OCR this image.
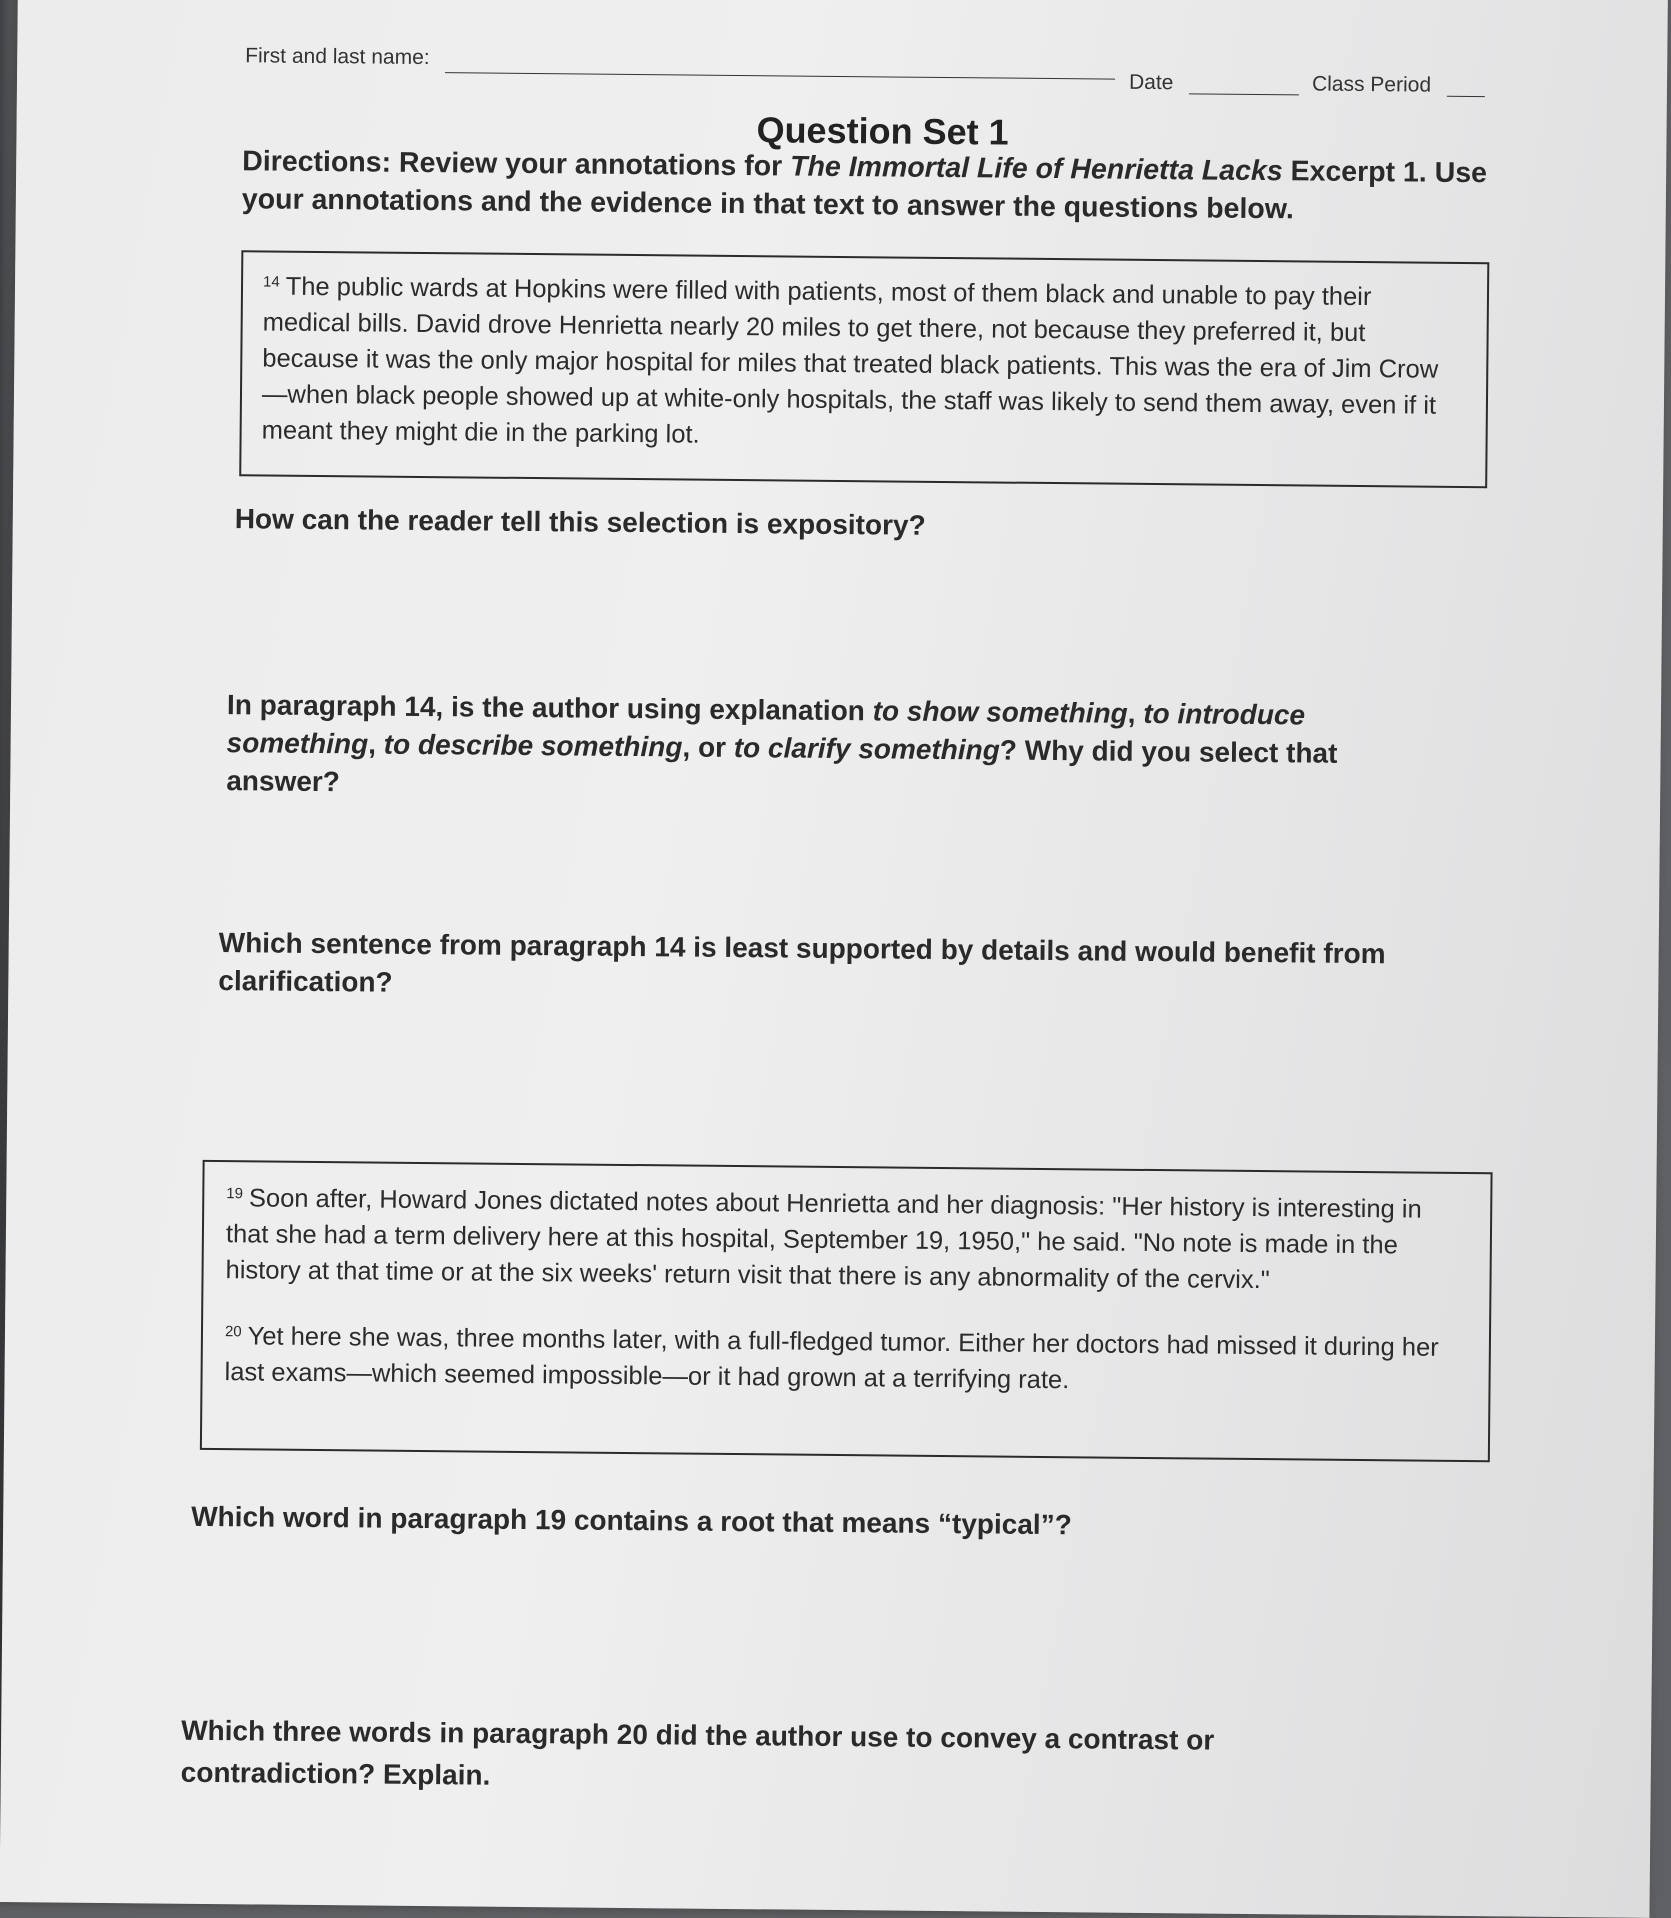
First and last name:
Date	Class Period
Question Set 1
Directions: Review your annotations for The Immortal Life of Henrietta Lacks Excerpt 1. Use your annotations and the evidence in that text to answer the questions below.

$^{14}$ The public wards at Hopkins were filled with patients, most of them black and unable to pay their medical bills. David drove Henrietta nearly 20 miles to get there, not because they preferred it, but because it was the only major hospital for miles that treated black patients. This was the era of Jim Crow—when black people showed up at white-only hospitals, the staff was likely to send them away, even if it meant they might die in the parking lot.

How can the reader tell this selection is expository?
In paragraph 14, is the author using explanation to show something, to introduce something, to describe something, or to clarify something? Why did you select that answer?
Which sentence from paragraph 14 is least supported by details and would benefit from clarification?

$^{19}$ Soon after, Howard Jones dictated notes about Henrietta and her diagnosis: "Her history is interesting in that she had a term delivery here at this hospital, September 19, 1950," he said. "No note is made in the history at that time or at the six weeks' return visit that there is any abnormality of the cervix."

$^{20}$ Yet here she was, three months later, with a full-fledged tumor. Either her doctors had missed it during her last exams—which seemed impossible—or it had grown at a terrifying rate.

Which word in paragraph 19 contains a root that means “typical”?
Which three words in paragraph 20 did the author use to convey a contrast or contradiction? Explain.
